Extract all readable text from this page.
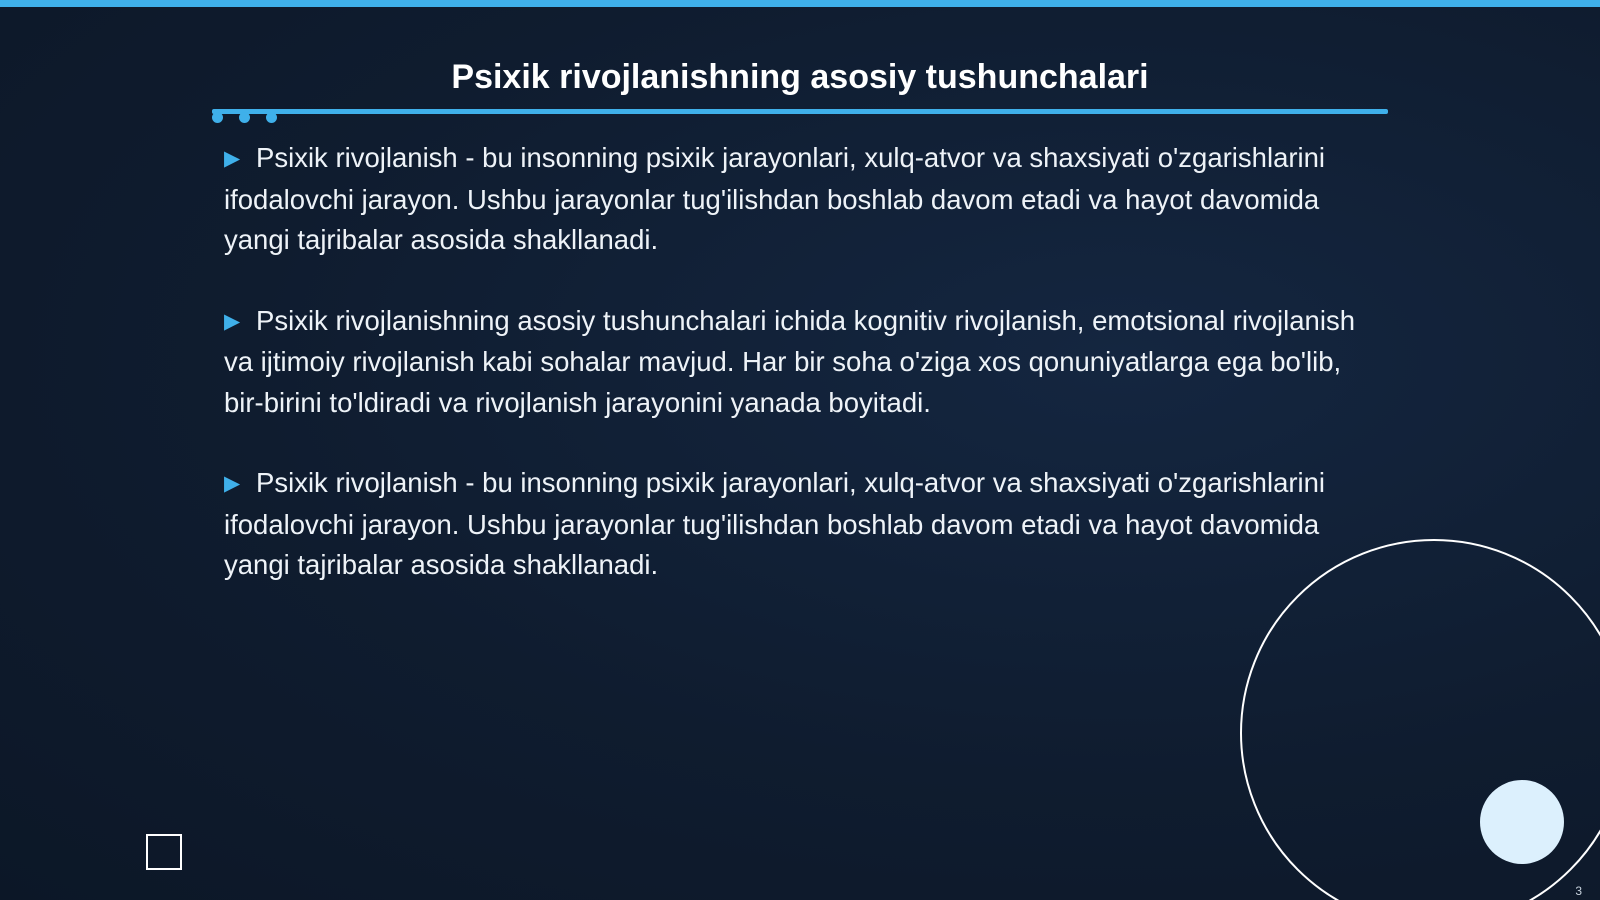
Psixik rivojlanishning asosiy tushunchalari

▶ Psixik rivojlanish - bu insonning psixik jarayonlari, xulq-atvor va shaxsiyati o'zgarishlarini ifodalovchi jarayon. Ushbu jarayonlar tug'ilishdan boshlab davom etadi va hayot davomida yangi tajribalar asosida shakllanadi.

▶ Psixik rivojlanishning asosiy tushunchalari ichida kognitiv rivojlanish, emotsional rivojlanish va ijtimoiy rivojlanish kabi sohalar mavjud. Har bir soha o'ziga xos qonuniyatlarga ega bo'lib, bir-birini to'ldiradi va rivojlanish jarayonini yanada boyitadi.

▶ Psixik rivojlanish - bu insonning psixik jarayonlari, xulq-atvor va shaxsiyati o'zgarishlarini ifodalovchi jarayon. Ushbu jarayonlar tug'ilishdan boshlab davom etadi va hayot davomida yangi tajribalar asosida shakllanadi.

3
